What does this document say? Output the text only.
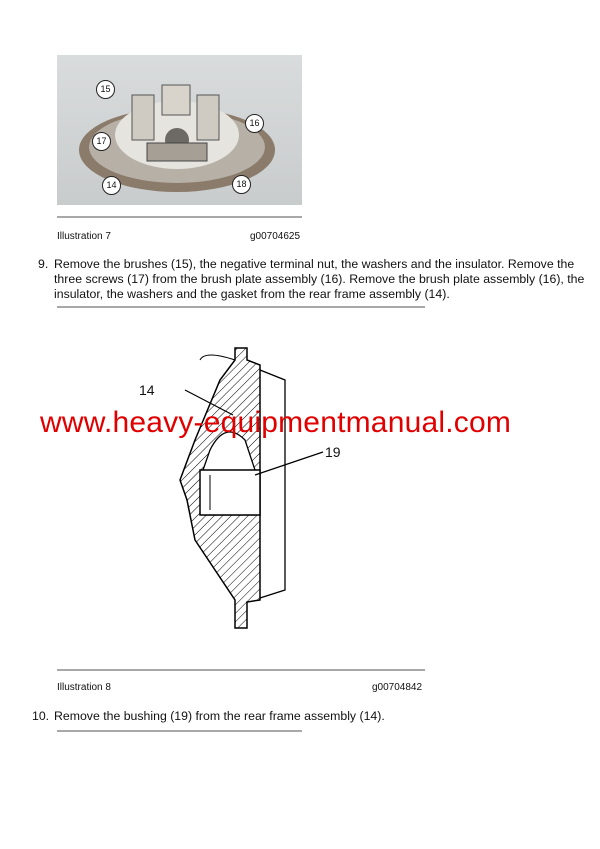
15
16
17
14	18
Illustration 7	g00704625
9. Remove the brushes (15), the negative terminal nut, the washers and the insulator. Remove the three screws (17) from the brush plate assembly (16). Remove the brush plate assembly (16), the insulator, the washers and the gasket from the rear frame assembly (14).
14
19
www.heavy-equipmentmanual.com
Illustration 8	g00704842
10. Remove the bushing (19) from the rear frame assembly (14).
